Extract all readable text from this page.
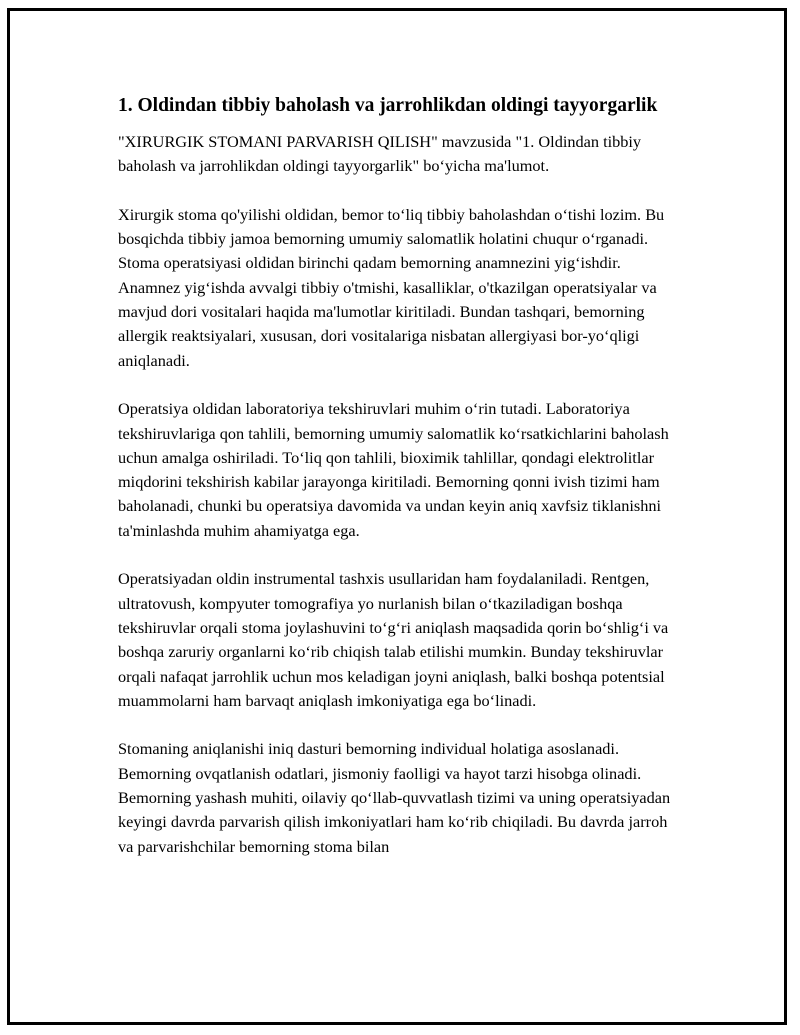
1. Oldindan tibbiy baholash va jarrohlikdan oldingi tayyorgarlik

"XIRURGIK STOMANI PARVARISH QILISH" mavzusida "1. Oldindan tibbiy baholash va jarrohlikdan oldingi tayyorgarlik" bo‘yicha ma'lumot.

Xirurgik stoma qo'yilishi oldidan, bemor to‘liq tibbiy baholashdan o‘tishi lozim. Bu bosqichda tibbiy jamoa bemorning umumiy salomatlik holatini chuqur o‘rganadi. Stoma operatsiyasi oldidan birinchi qadam bemorning anamnezini yig‘ishdir. Anamnez yig‘ishda avvalgi tibbiy o'tmishi, kasalliklar, o'tkazilgan operatsiyalar va mavjud dori vositalari haqida ma'lumotlar kiritiladi. Bundan tashqari, bemorning allergik reaktsiyalari, xususan, dori vositalariga nisbatan allergiyasi bor-yo‘qligi aniqlanadi.

Operatsiya oldidan laboratoriya tekshiruvlari muhim o‘rin tutadi. Laboratoriya tekshiruvlariga qon tahlili, bemorning umumiy salomatlik ko‘rsatkichlarini baholash uchun amalga oshiriladi. To‘liq qon tahlili, bioximik tahlillar, qondagi elektrolitlar miqdorini tekshirish kabilar jarayonga kiritiladi. Bemorning qonni ivish tizimi ham baholanadi, chunki bu operatsiya davomida va undan keyin aniq xavfsiz tiklanishni ta'minlashda muhim ahamiyatga ega.

Operatsiyadan oldin instrumental tashxis usullaridan ham foydalaniladi. Rentgen, ultratovush, kompyuter tomografiya yo nurlanish bilan o‘tkaziladigan boshqa tekshiruvlar orqali stoma joylashuvini to‘g‘ri aniqlash maqsadida qorin bo‘shlig‘i va boshqa zaruriy organlarni ko‘rib chiqish talab etilishi mumkin. Bunday tekshiruvlar orqali nafaqat jarrohlik uchun mos keladigan joyni aniqlash, balki boshqa potentsial muammolarni ham barvaqt aniqlash imkoniyatiga ega bo‘linadi.

Stomaning aniqlanishi iniq dasturi bemorning individual holatiga asoslanadi. Bemorning ovqatlanish odatlari, jismoniy faolligi va hayot tarzi hisobga olinadi. Bemorning yashash muhiti, oilaviy qo‘llab-quvvatlash tizimi va uning operatsiyadan keyingi davrda parvarish qilish imkoniyatlari ham ko‘rib chiqiladi. Bu davrda jarroh va parvarishchilar bemorning stoma bilan
